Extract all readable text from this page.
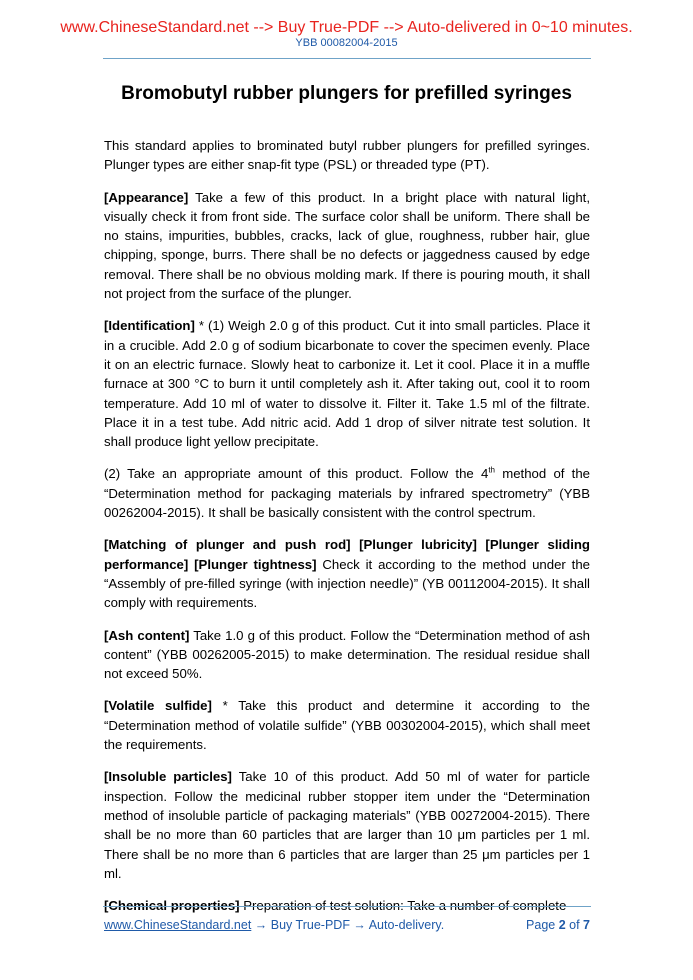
www.ChineseStandard.net --> Buy True-PDF --> Auto-delivered in 0~10 minutes.
YBB 00082004-2015
Bromobutyl rubber plungers for prefilled syringes

This standard applies to brominated butyl rubber plungers for prefilled syringes. Plunger types are either snap-fit type (PSL) or threaded type (PT).

[Appearance] Take a few of this product. In a bright place with natural light, visually check it from front side. The surface color shall be uniform. There shall be no stains, impurities, bubbles, cracks, lack of glue, roughness, rubber hair, glue chipping, sponge, burrs. There shall be no defects or jaggedness caused by edge removal. There shall be no obvious molding mark. If there is pouring mouth, it shall not project from the surface of the plunger.

[Identification] * (1) Weigh 2.0 g of this product. Cut it into small particles. Place it in a crucible. Add 2.0 g of sodium bicarbonate to cover the specimen evenly. Place it on an electric furnace. Slowly heat to carbonize it. Let it cool. Place it in a muffle furnace at 300 °C to burn it until completely ash it. After taking out, cool it to room temperature. Add 10 ml of water to dissolve it. Filter it. Take 1.5 ml of the filtrate. Place it in a test tube. Add nitric acid. Add 1 drop of silver nitrate test solution. It shall produce light yellow precipitate.

(2) Take an appropriate amount of this product. Follow the 4th method of the “Determination method for packaging materials by infrared spectrometry” (YBB 00262004-2015). It shall be basically consistent with the control spectrum.

[Matching of plunger and push rod] [Plunger lubricity] [Plunger sliding performance] [Plunger tightness] Check it according to the method under the “Assembly of pre-filled syringe (with injection needle)” (YB 00112004-2015). It shall comply with requirements.

[Ash content] Take 1.0 g of this product. Follow the “Determination method of ash content” (YBB 00262005-2015) to make determination. The residual residue shall not exceed 50%.

[Volatile sulfide] * Take this product and determine it according to the “Determination method of volatile sulfide” (YBB 00302004-2015), which shall meet the requirements.

[Insoluble particles] Take 10 of this product. Add 50 ml of water for particle inspection. Follow the medicinal rubber stopper item under the “Determination method of insoluble particle of packaging materials” (YBB 00272004-2015). There shall be no more than 60 particles that are larger than 10 μm particles per 1 ml. There shall be no more than 6 particles that are larger than 25 μm particles per 1 ml.

[Chemical properties] Preparation of test solution: Take a number of complete

www.ChineseStandard.net → Buy True-PDF → Auto-delivery.	Page 2 of 7
